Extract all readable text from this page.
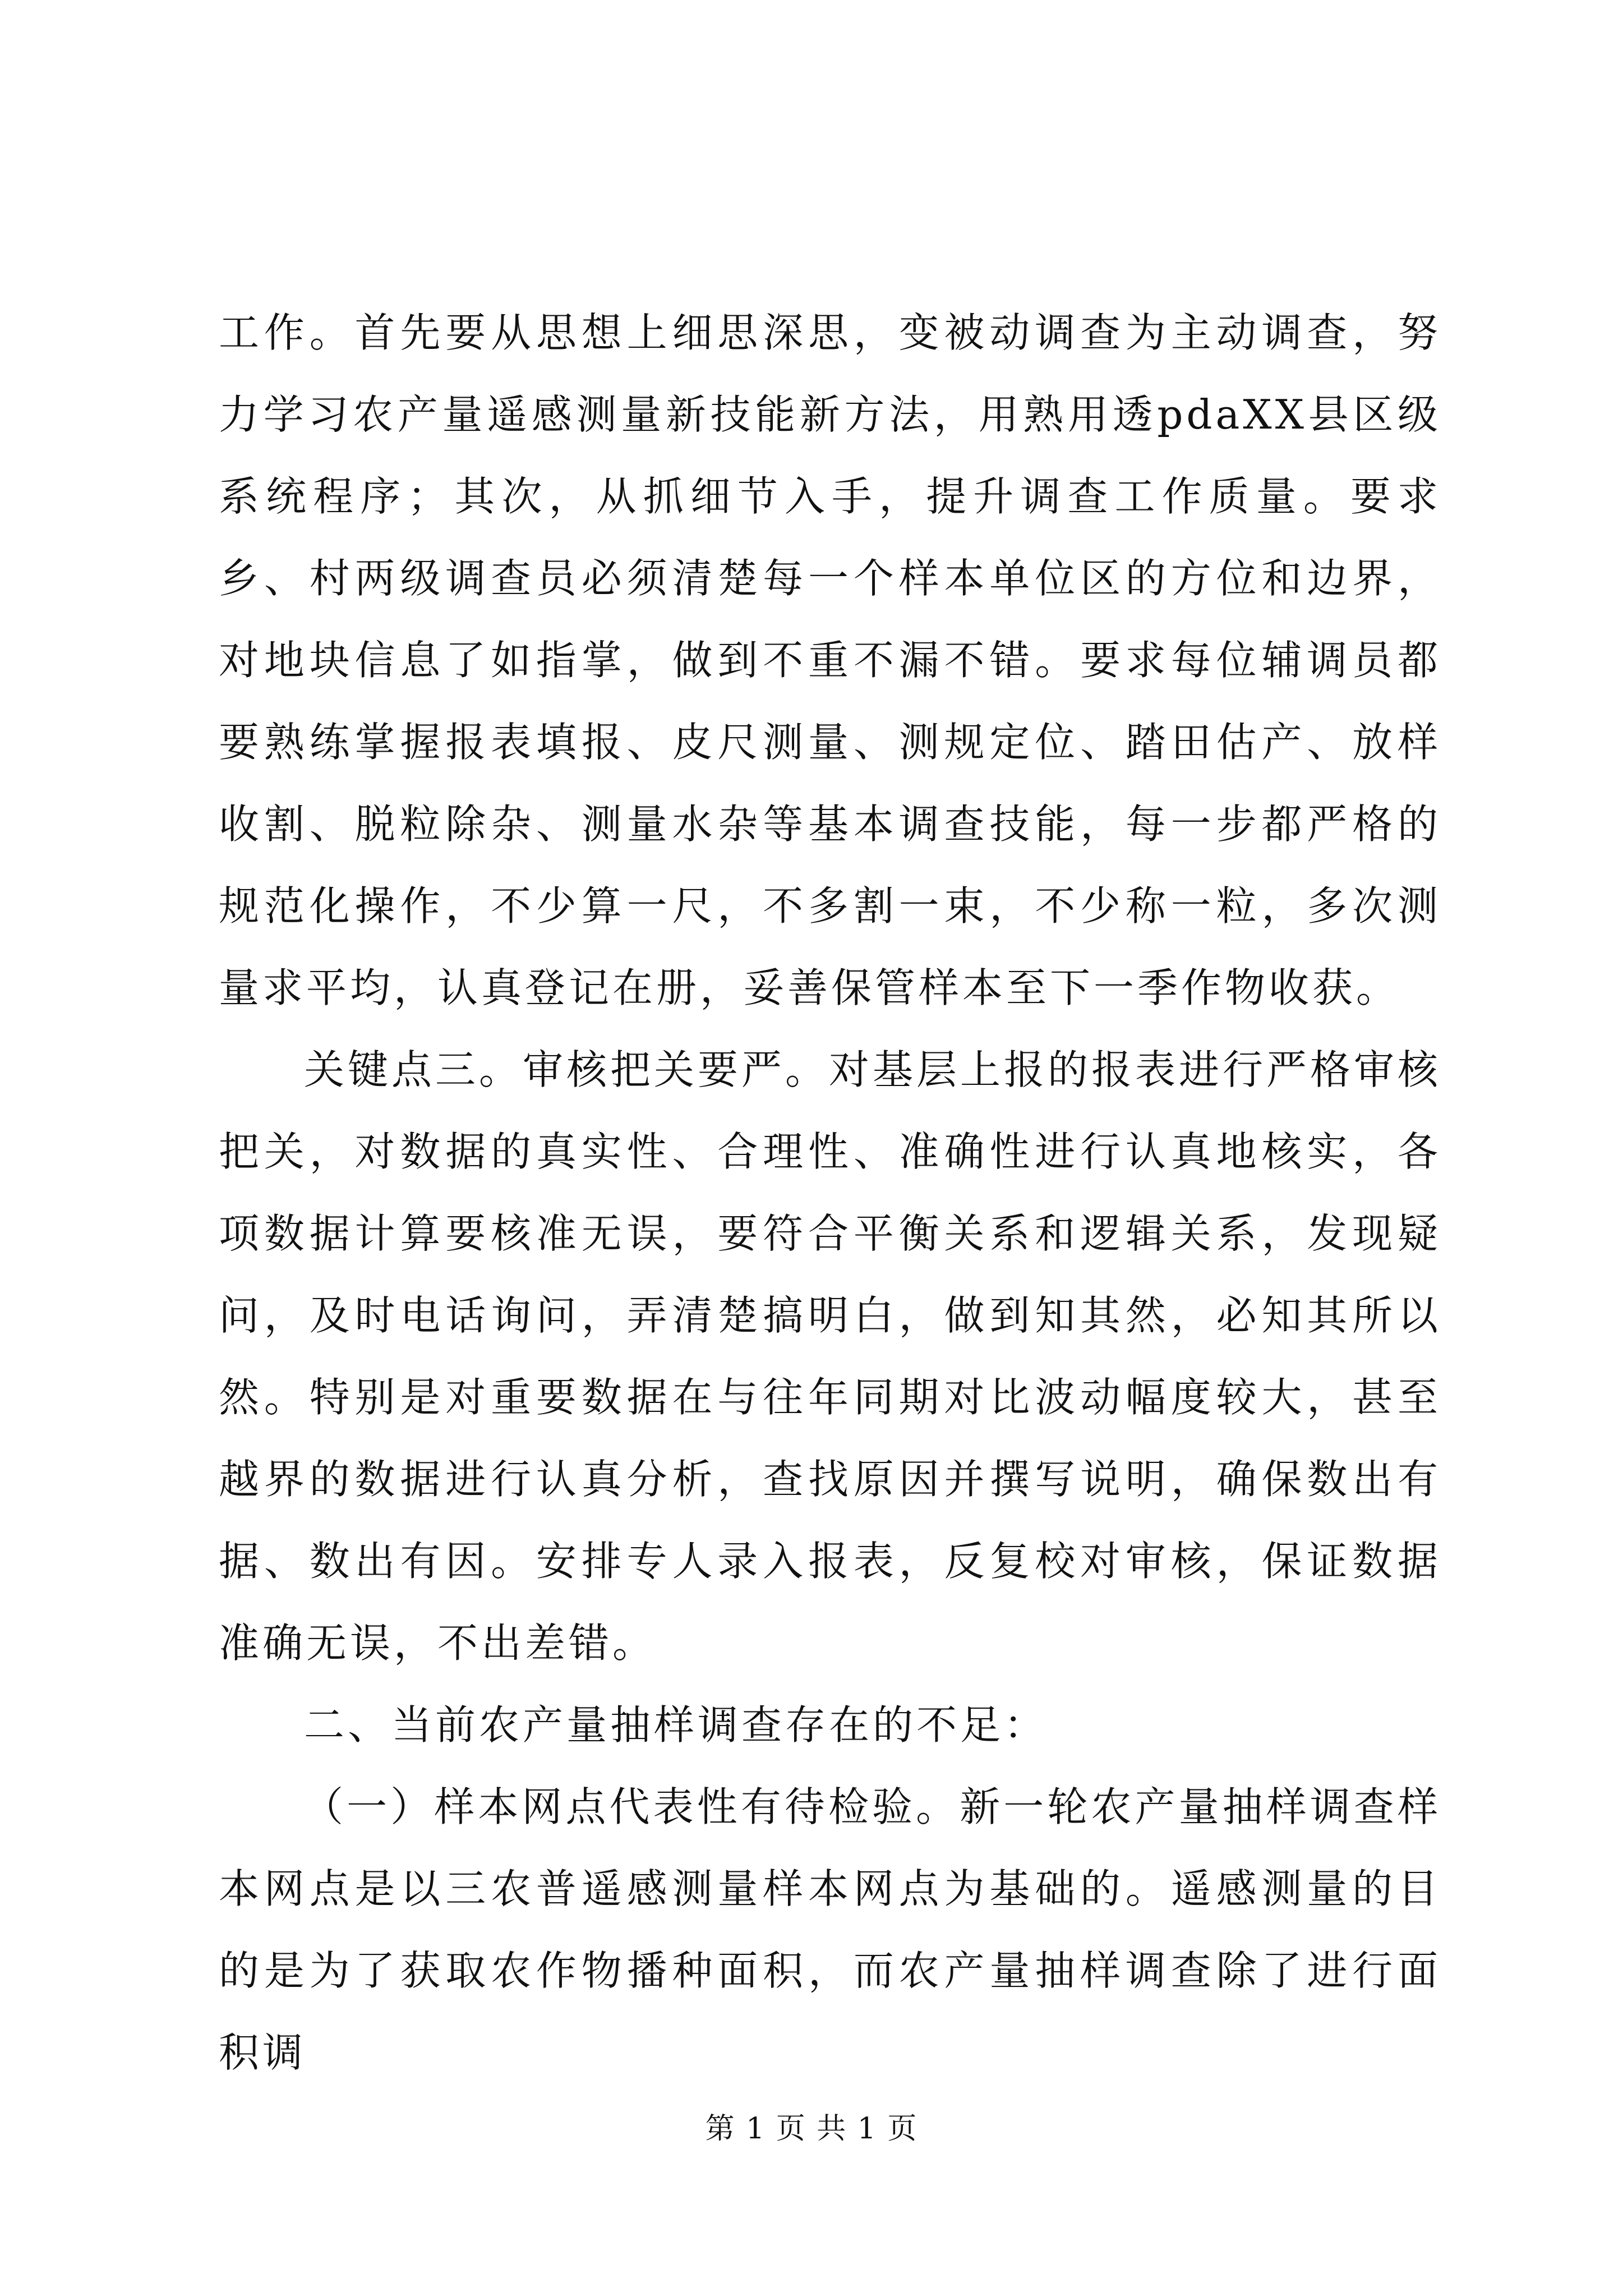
工作。首先要从思想上细思深思，变被动调查为主动调查，努力学习农产量遥感测量新技能新方法，用熟用透pdaXX县区级系统程序；其次，从抓细节入手，提升调查工作质量。要求乡、村两级调查员必须清楚每一个样本单位区的方位和边界，对地块信息了如指掌，做到不重不漏不错。要求每位辅调员都要熟练掌握报表填报、皮尺测量、测规定位、踏田估产、放样收割、脱粒除杂、测量水杂等基本调查技能，每一步都严格的规范化操作，不少算一尺，不多割一束，不少称一粒，多次测量求平均，认真登记在册，妥善保管样本至下一季作物收获。

关键点三。审核把关要严。对基层上报的报表进行严格审核把关，对数据的真实性、合理性、准确性进行认真地核实，各项数据计算要核准无误，要符合平衡关系和逻辑关系，发现疑问，及时电话询问，弄清楚搞明白，做到知其然，必知其所以然。特别是对重要数据在与往年同期对比波动幅度较大，甚至越界的数据进行认真分析，查找原因并撰写说明，确保数出有据、数出有因。安排专人录入报表，反复校对审核，保证数据准确无误，不出差错。

二、当前农产量抽样调查存在的不足：

（一）样本网点代表性有待检验。新一轮农产量抽样调查样本网点是以三农普遥感测量样本网点为基础的。遥感测量的目的是为了获取农作物播种面积，而农产量抽样调查除了进行面积调

第 1 页 共 1 页
